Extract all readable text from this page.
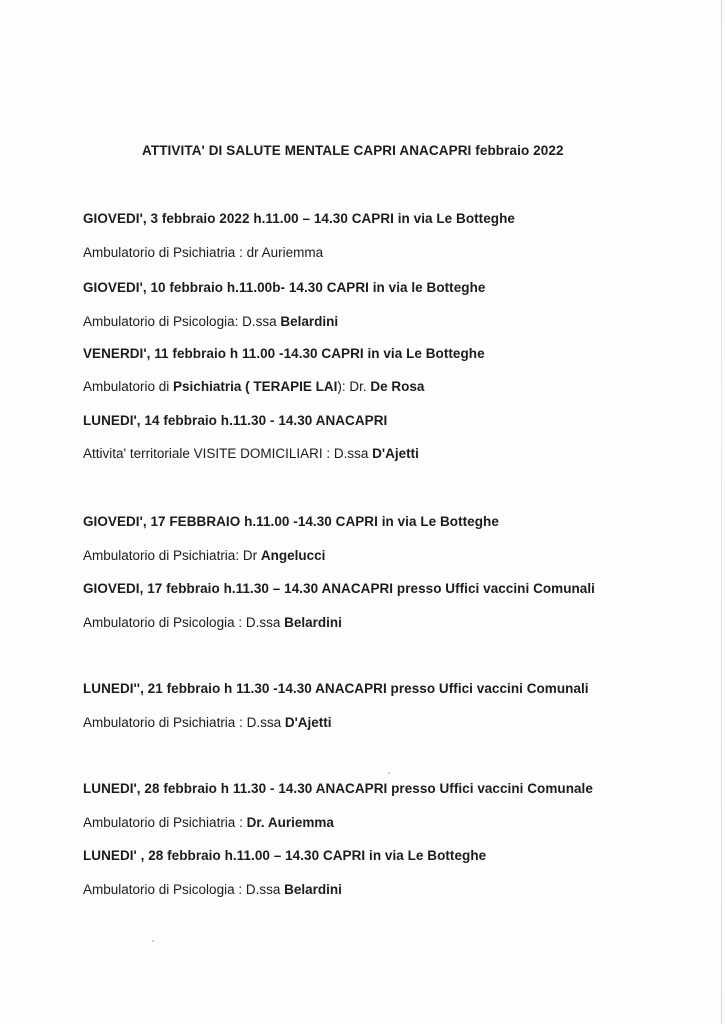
ATTIVITA' DI SALUTE MENTALE CAPRI ANACAPRI febbraio 2022
GIOVEDI', 3 febbraio 2022 h.11.00 – 14.30 CAPRI in via Le Botteghe
Ambulatorio di Psichiatria : dr Auriemma
GIOVEDI', 10 febbraio h.11.00b- 14.30 CAPRI in via le Botteghe
Ambulatorio di Psicologia: D.ssa Belardini
VENERDI', 11 febbraio h 11.00 -14.30 CAPRI in via Le Botteghe
Ambulatorio di Psichiatria ( TERAPIE LAI): Dr. De Rosa
LUNEDI', 14 febbraio h.11.30 - 14.30 ANACAPRI
Attivita' territoriale VISITE DOMICILIARI : D.ssa D'Ajetti
GIOVEDI', 17 FEBBRAIO h.11.00 -14.30 CAPRI in via Le Botteghe
Ambulatorio di Psichiatria: Dr Angelucci
GIOVEDI, 17 febbraio h.11.30 – 14.30 ANACAPRI presso Uffici vaccini Comunali
Ambulatorio di Psicologia : D.ssa Belardini
LUNEDI'', 21 febbraio h 11.30 -14.30 ANACAPRI presso Uffici vaccini Comunali
Ambulatorio di Psichiatria : D.ssa D'Ajetti
LUNEDI', 28 febbraio h 11.30 - 14.30 ANACAPRI presso Uffici vaccini Comunale
Ambulatorio di Psichiatria : Dr. Auriemma
LUNEDI' , 28 febbraio h.11.00 – 14.30 CAPRI in via Le Botteghe
Ambulatorio di Psicologia : D.ssa Belardini
